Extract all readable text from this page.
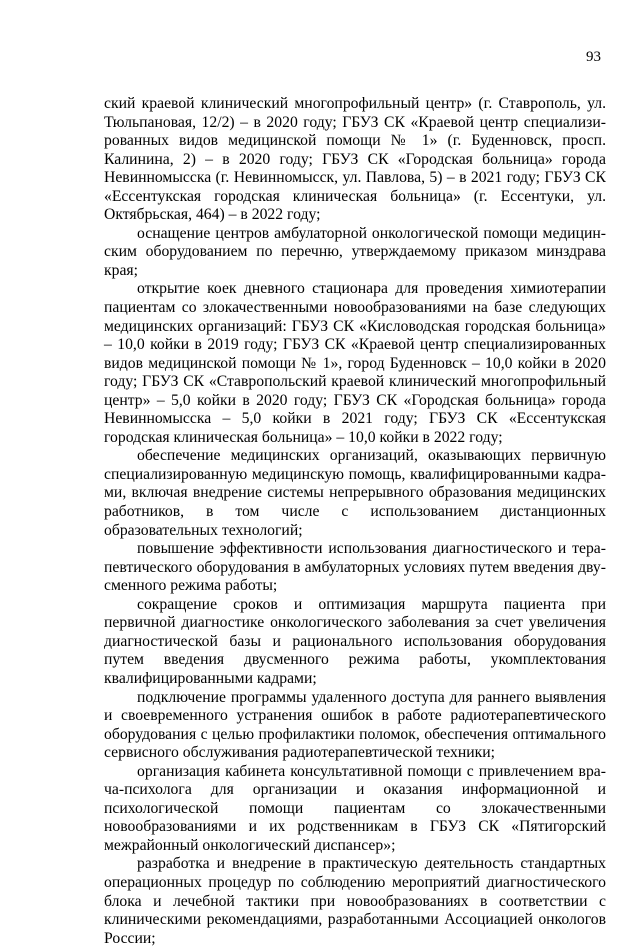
93

ский краевой клинический многопрофильный центр» (г. Ставрополь, ул. Тюльпановая, 12/2) – в 2020 году; ГБУЗ СК «Краевой центр специализированных видов медицинской помощи № 1» (г. Буденновск, просп. Калинина, 2) – в 2020 году; ГБУЗ СК «Городская больница» города Невинномысска (г. Невинномысск, ул. Павлова, 5) – в 2021 году; ГБУЗ СК «Ессентукская городская клиническая больница» (г. Ессентуки, ул. Октябрьская, 464) – в 2022 году;

оснащение центров амбулаторной онкологической помощи медицинским оборудованием по перечню, утверждаемому приказом минздрава края;

открытие коек дневного стационара для проведения химиотерапии пациентам со злокачественными новообразованиями на базе следующих медицинских организаций: ГБУЗ СК «Кисловодская городская больница» – 10,0 койки в 2019 году; ГБУЗ СК «Краевой центр специализированных видов медицинской помощи № 1», город Буденновск – 10,0 койки в 2020 году; ГБУЗ СК «Ставропольский краевой клинический многопрофильный центр» – 5,0 койки в 2020 году; ГБУЗ СК «Городская больница» города Невинномысска – 5,0 койки в 2021 году; ГБУЗ СК «Ессентукская городская клиническая больница» – 10,0 койки в 2022 году;

обеспечение медицинских организаций, оказывающих первичную специализированную медицинскую помощь, квалифицированными кадрами, включая внедрение системы непрерывного образования медицинских работников, в том числе с использованием дистанционных образовательных технологий;

повышение эффективности использования диагностического и терапевтического оборудования в амбулаторных условиях путем введения двусменного режима работы;

сокращение сроков и оптимизация маршрута пациента при первичной диагностике онкологического заболевания за счет увеличения диагностической базы и рационального использования оборудования путем введения двусменного режима работы, укомплектования квалифицированными кадрами;

подключение программы удаленного доступа для раннего выявления и своевременного устранения ошибок в работе радиотерапевтического оборудования с целью профилактики поломок, обеспечения оптимального сервисного обслуживания радиотерапевтической техники;

организация кабинета консультативной помощи с привлечением врача-психолога для организации и оказания информационной и психологической помощи пациентам со злокачественными новообразованиями и их родственникам в ГБУЗ СК «Пятигорский межрайонный онкологический диспансер»;

разработка и внедрение в практическую деятельность стандартных операционных процедур по соблюдению мероприятий диагностического блока и лечебной тактики при новообразованиях в соответствии с клиническими рекомендациями, разработанными Ассоциацией онкологов России;
